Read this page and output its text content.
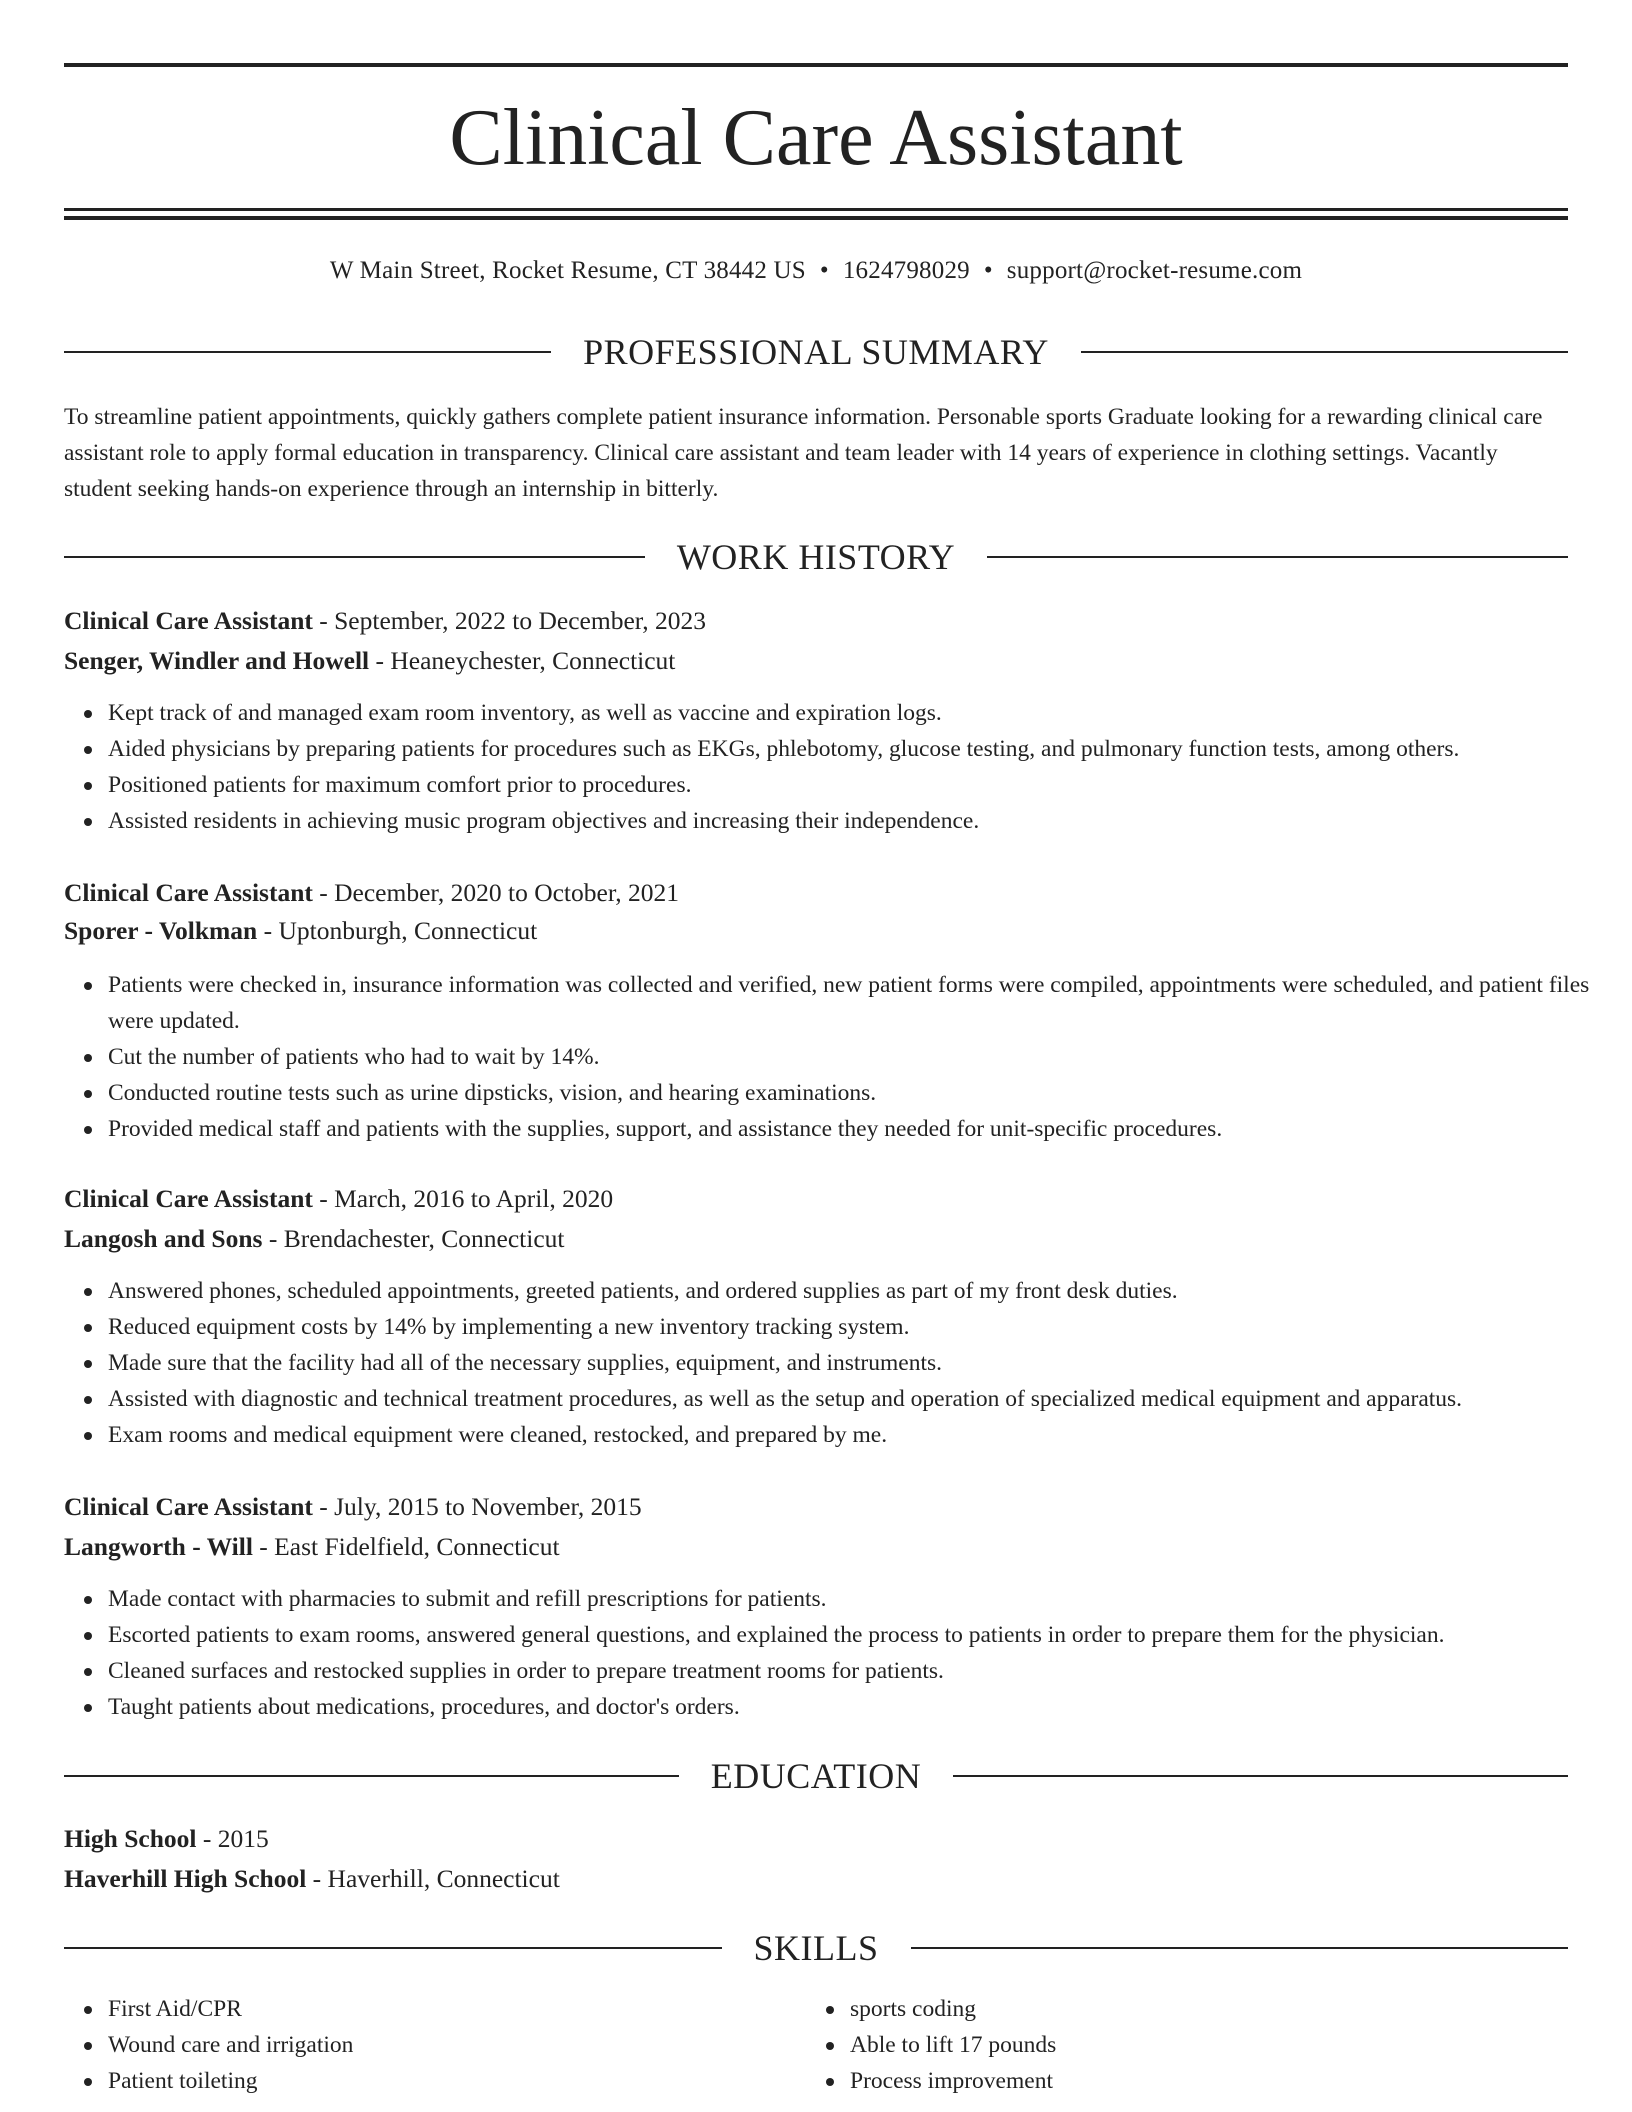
Clinical Care Assistant
W Main Street, Rocket Resume, CT 38442 US • 1624798029 • support@rocket-resume.com
PROFESSIONAL SUMMARY

To streamline patient appointments, quickly gathers complete patient insurance information. Personable sports Graduate looking for a rewarding clinical care assistant role to apply formal education in transparency. Clinical care assistant and team leader with 14 years of experience in clothing settings. Vacantly student seeking hands-on experience through an internship in bitterly.

WORK HISTORY
Clinical Care Assistant - September, 2022 to December, 2023
Senger, Windler and Howell - Heaneychester, Connecticut
Kept track of and managed exam room inventory, as well as vaccine and expiration logs.
Aided physicians by preparing patients for procedures such as EKGs, phlebotomy, glucose testing, and pulmonary function tests, among others.
Positioned patients for maximum comfort prior to procedures.
Assisted residents in achieving music program objectives and increasing their independence.
Clinical Care Assistant - December, 2020 to October, 2021
Sporer - Volkman - Uptonburgh, Connecticut
Patients were checked in, insurance information was collected and verified, new patient forms were compiled, appointments were scheduled, and patient files were updated.
Cut the number of patients who had to wait by 14%.
Conducted routine tests such as urine dipsticks, vision, and hearing examinations.
Provided medical staff and patients with the supplies, support, and assistance they needed for unit-specific procedures.
Clinical Care Assistant - March, 2016 to April, 2020
Langosh and Sons - Brendachester, Connecticut
Answered phones, scheduled appointments, greeted patients, and ordered supplies as part of my front desk duties.
Reduced equipment costs by 14% by implementing a new inventory tracking system.
Made sure that the facility had all of the necessary supplies, equipment, and instruments.
Assisted with diagnostic and technical treatment procedures, as well as the setup and operation of specialized medical equipment and apparatus.
Exam rooms and medical equipment were cleaned, restocked, and prepared by me.
Clinical Care Assistant - July, 2015 to November, 2015
Langworth - Will - East Fidelfield, Connecticut
Made contact with pharmacies to submit and refill prescriptions for patients.
Escorted patients to exam rooms, answered general questions, and explained the process to patients in order to prepare them for the physician.
Cleaned surfaces and restocked supplies in order to prepare treatment rooms for patients.
Taught patients about medications, procedures, and doctor's orders.
EDUCATION
High School - 2015
Haverhill High School - Haverhill, Connecticut
SKILLS
First Aid/CPR
Wound care and irrigation
Patient toileting
sports coding
Able to lift 17 pounds
Process improvement
